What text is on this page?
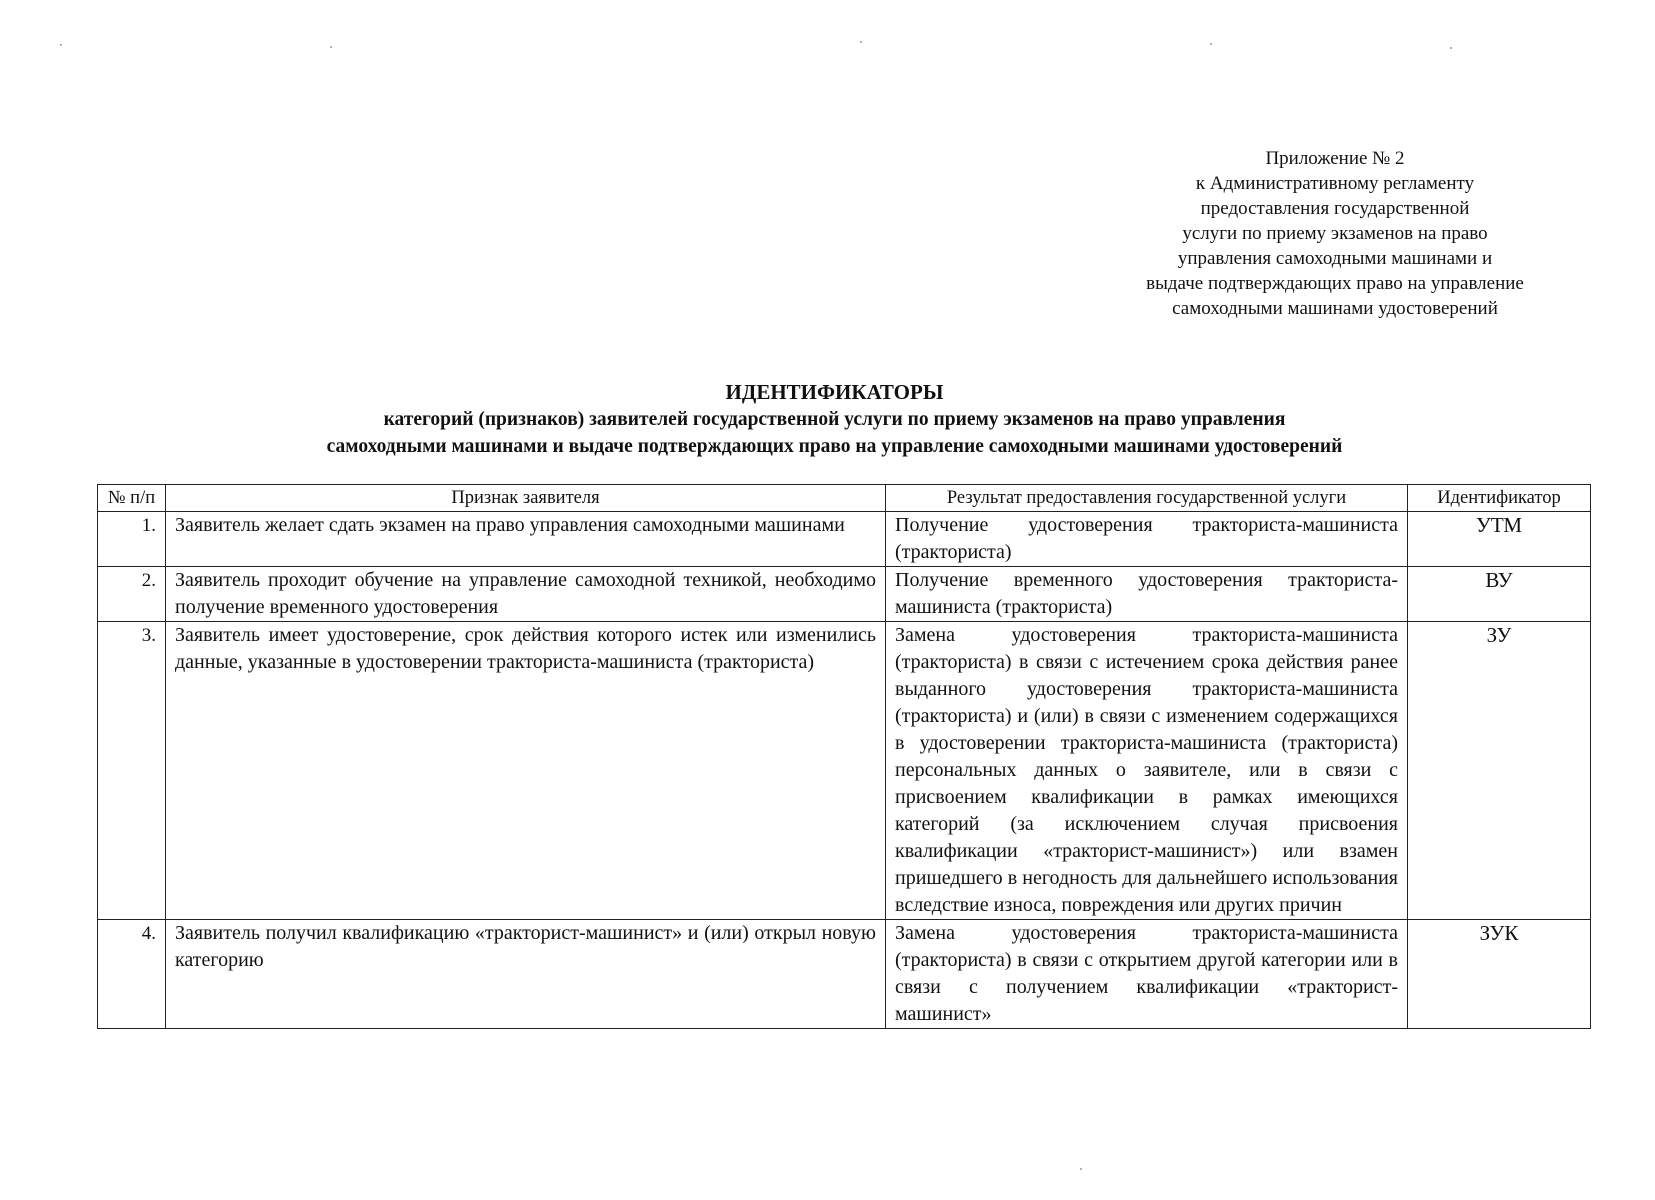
Приложение № 2
к Административному регламенту
предоставления государственной
услуги по приему экзаменов на право
управления самоходными машинами и
выдаче подтверждающих право на управление
самоходными машинами удостоверений
ИДЕНТИФИКАТОРЫ
категорий (признаков) заявителей государственной услуги по приему экзаменов на право управления
самоходными машинами и выдаче подтверждающих право на управление самоходными машинами удостоверений
№ п/п	Признак заявителя	Результат предоставления государственной услуги	Идентификатор
1.	Заявитель желает сдать экзамен на право управления самоходными машинами	Получение удостоверения тракториста-машиниста (тракториста)	УТМ
2.	Заявитель проходит обучение на управление самоходной техникой, необходимо получение временного удостоверения	Получение временного удостоверения тракториста-машиниста (тракториста)	ВУ
3.	Заявитель имеет удостоверение, срок действия которого истек или изменились данные, указанные в удостоверении тракториста-машиниста (тракториста)	Замена удостоверения тракториста-машиниста (тракториста) в связи с истечением срока действия ранее выданного удостоверения тракториста-машиниста (тракториста) и (или) в связи с изменением содержащихся в удостоверении тракториста-машиниста (тракториста) персональных данных о заявителе, или в связи с присвоением квалификации в рамках имеющихся категорий (за исключением случая присвоения квалификации «тракторист-машинист») или взамен пришедшего в негодность для дальнейшего использования вследствие износа, повреждения или других причин	ЗУ
4.	Заявитель получил квалификацию «тракторист-машинист» и (или) открыл новую категорию	Замена удостоверения тракториста-машиниста (тракториста) в связи с открытием другой категории или в связи с получением квалификации «тракторист-машинист»	ЗУК
